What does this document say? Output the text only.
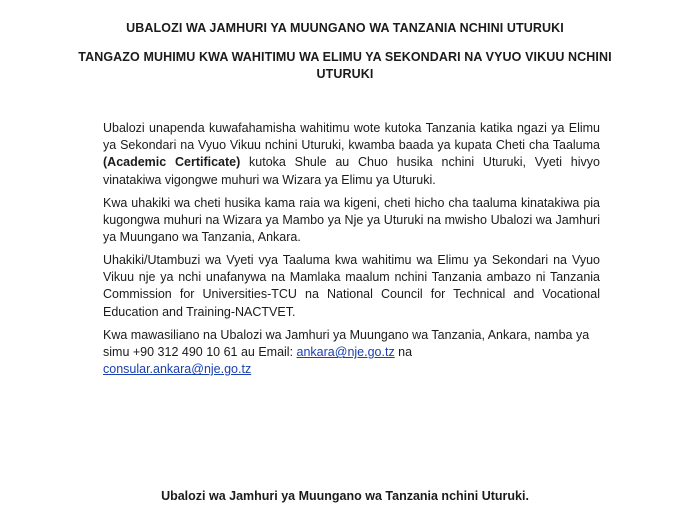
UBALOZI WA JAMHURI YA MUUNGANO WA TANZANIA NCHINI UTURUKI
TANGAZO MUHIMU KWA WAHITIMU WA ELIMU YA SEKONDARI NA VYUO VIKUU NCHINI UTURUKI
Ubalozi unapenda kuwafahamisha wahitimu wote kutoka Tanzania katika ngazi ya Elimu ya Sekondari na Vyuo Vikuu nchini Uturuki, kwamba baada ya kupata Cheti cha Taaluma (Academic Certificate) kutoka Shule au Chuo husika nchini Uturuki, Vyeti hivyo vinatakiwa vigongwe muhuri wa Wizara ya Elimu ya Uturuki.
Kwa uhakiki wa cheti husika kama raia wa kigeni, cheti hicho cha taaluma kinatakiwa pia kugongwa muhuri na Wizara ya Mambo ya Nje ya Uturuki na mwisho Ubalozi wa Jamhuri ya Muungano wa Tanzania, Ankara.
Uhakiki/Utambuzi wa Vyeti vya Taaluma kwa wahitimu wa Elimu ya Sekondari na Vyuo Vikuu nje ya nchi unafanywa na Mamlaka maalum nchini Tanzania ambazo ni Tanzania Commission for Universities-TCU na National Council for Technical and Vocational Education and Training-NACTVET.
Kwa mawasiliano na Ubalozi wa Jamhuri ya Muungano wa Tanzania, Ankara, namba ya simu +90 312 490 10 61 au Email: ankara@nje.go.tz na
consular.ankara@nje.go.tz
Ubalozi wa Jamhuri ya Muungano wa Tanzania nchini Uturuki.
